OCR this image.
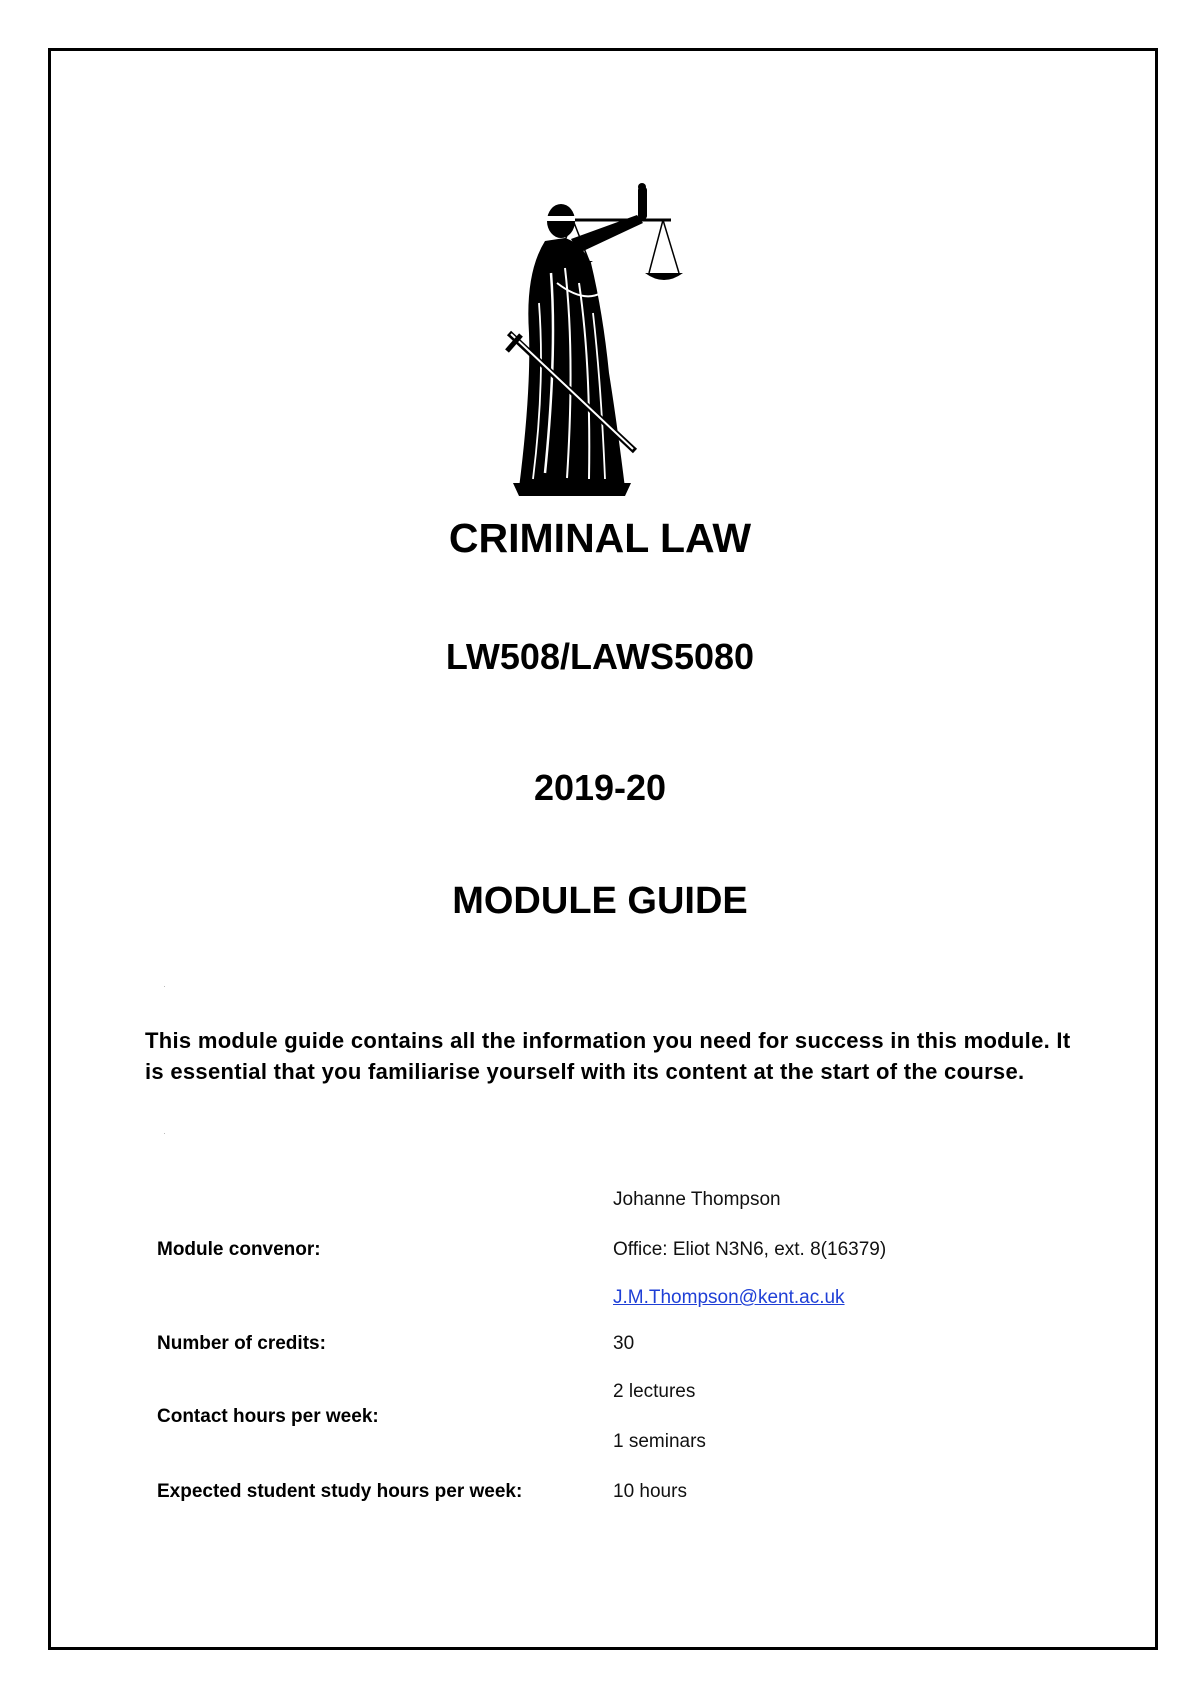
CRIMINAL LAW
LW508/LAWS5080
2019-20
MODULE GUIDE

This module guide contains all the information you need for success in this module. It is essential that you familiarise yourself with its content at the start of the course.

	Johanne Thompson
Module convenor:	Office: Eliot N3N6, ext. 8(16379)
	J.M.Thompson@kent.ac.uk
Number of credits:	30
Contact hours per week:	2 lectures
	1 seminars
Expected student study hours per week:	10 hours
